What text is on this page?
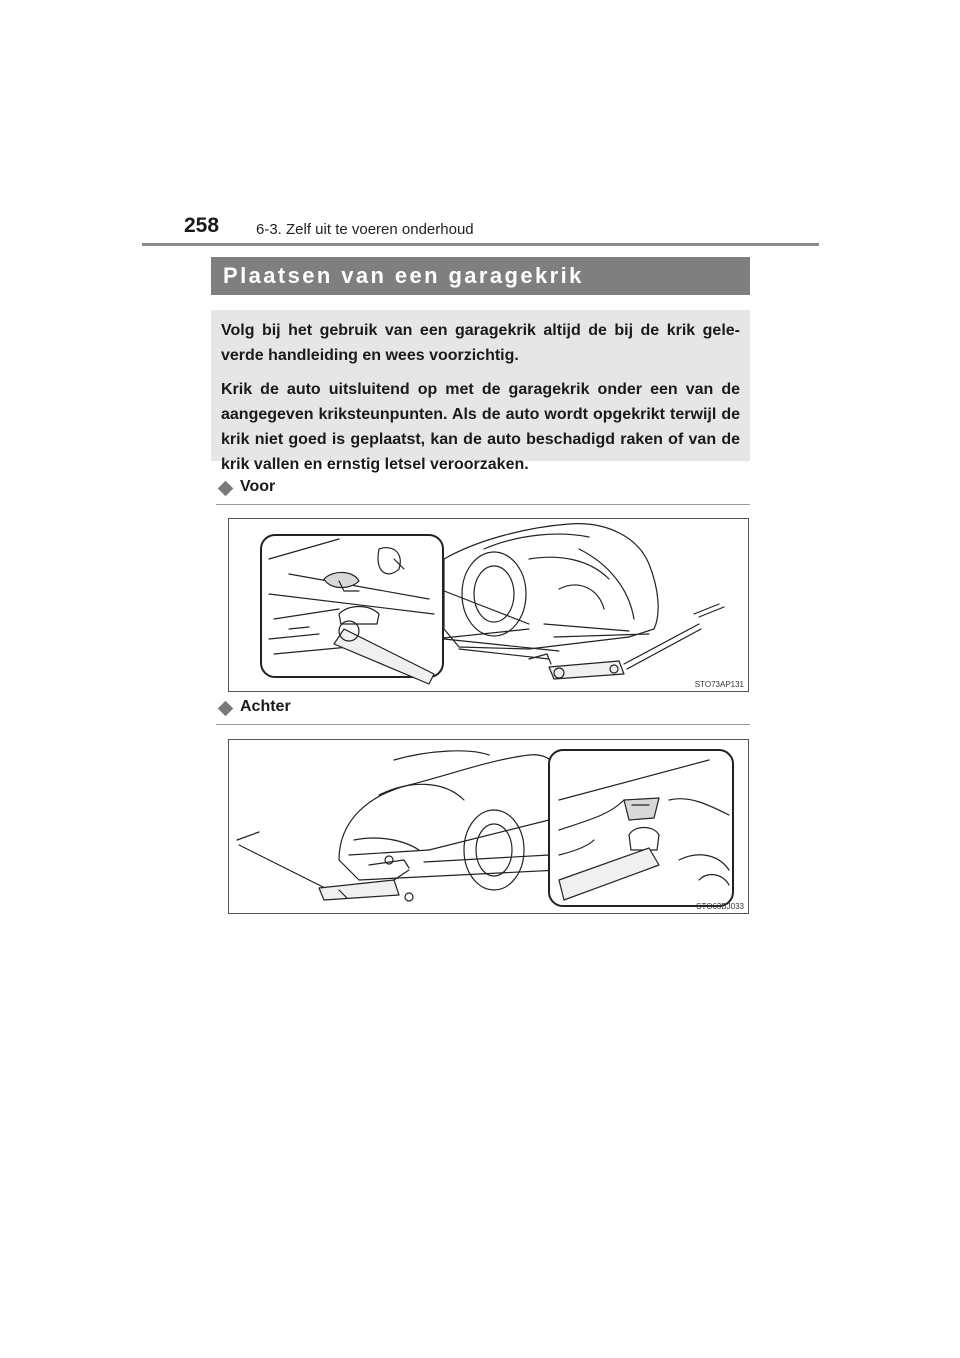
258 6-3. Zelf uit te voeren onderhoud
Plaatsen van een garagekrik

Volg bij het gebruik van een garagekrik altijd de bij de krik gele-verde handleiding en wees voorzichtig.

Krik de auto uitsluitend op met de garagekrik onder een van de aangegeven kriksteunpunten. Als de auto wordt opgekrikt terwijl de krik niet goed is geplaatst, kan de auto beschadigd raken of van de krik vallen en ernstig letsel veroorzaken.

Voor
STO73AP131
Achter
STO63BJ033
